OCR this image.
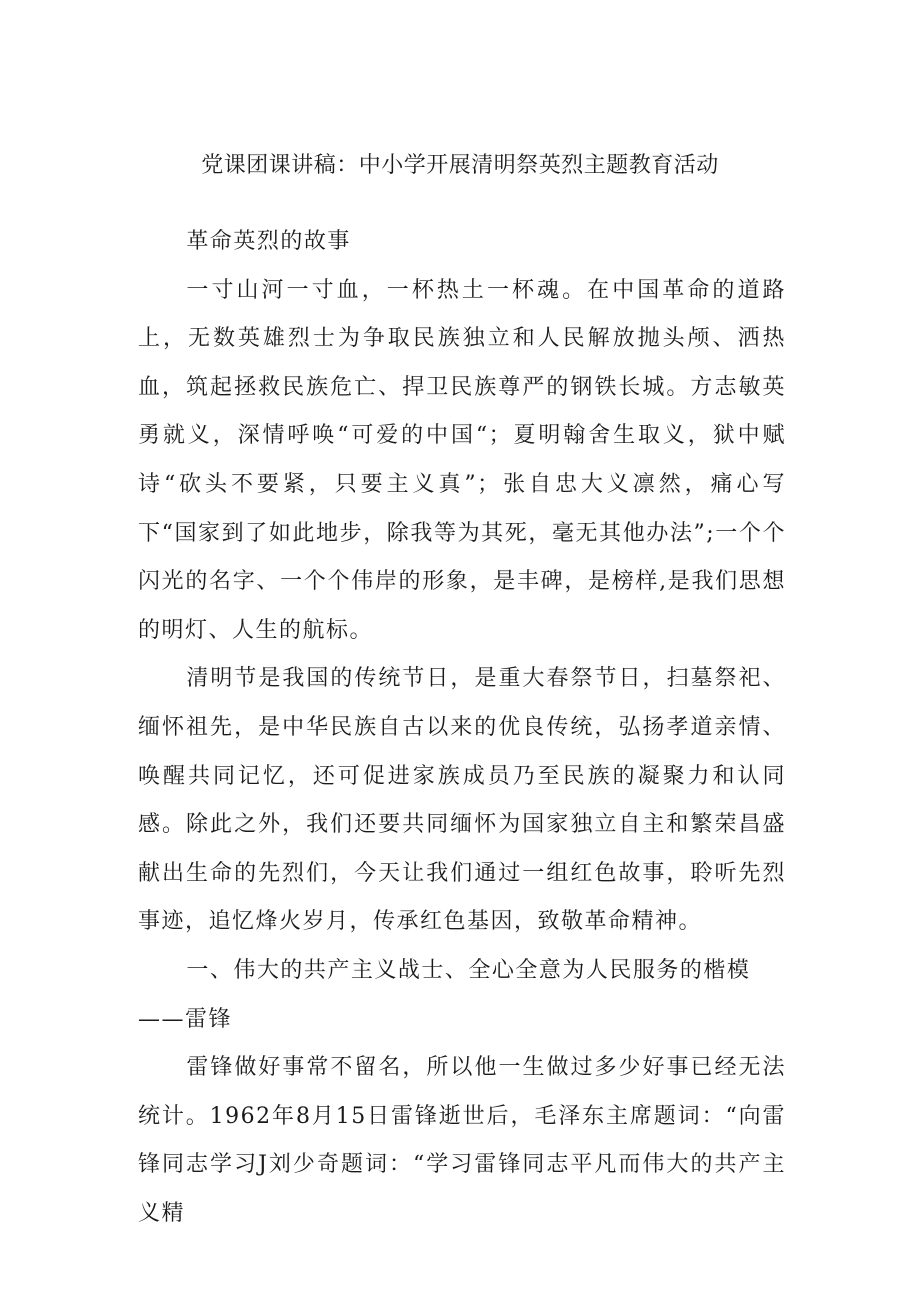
党课团课讲稿：中小学开展清明祭英烈主题教育活动

革命英烈的故事

一寸山河一寸血，一杯热土一杯魂。在中国革命的道路上，无数英雄烈士为争取民族独立和人民解放抛头颅、洒热血，筑起拯救民族危亡、捍卫民族尊严的钢铁长城。方志敏英勇就义，深情呼唤“可爱的中国“；夏明翰舍生取义，狱中赋诗“砍头不要紧，只要主义真”；张自忠大义凛然，痛心写下“国家到了如此地步，除我等为其死，毫无其他办法”;一个个闪光的名字、一个个伟岸的形象，是丰碑，是榜样,是我们思想的明灯、人生的航标。

清明节是我国的传统节日，是重大春祭节日，扫墓祭祀、缅怀祖先，是中华民族自古以来的优良传统，弘扬孝道亲情、唤醒共同记忆，还可促进家族成员乃至民族的凝聚力和认同感。除此之外，我们还要共同缅怀为国家独立自主和繁荣昌盛献出生命的先烈们，今天让我们通过一组红色故事，聆听先烈事迹，追忆烽火岁月，传承红色基因，致敬革命精神。

一、伟大的共产主义战士、全心全意为人民服务的楷模——雷锋

雷锋做好事常不留名，所以他一生做过多少好事已经无法统计。1962年8月15日雷锋逝世后，毛泽东主席题词：“向雷锋同志学习J刘少奇题词：“学习雷锋同志平凡而伟大的共产主义精
